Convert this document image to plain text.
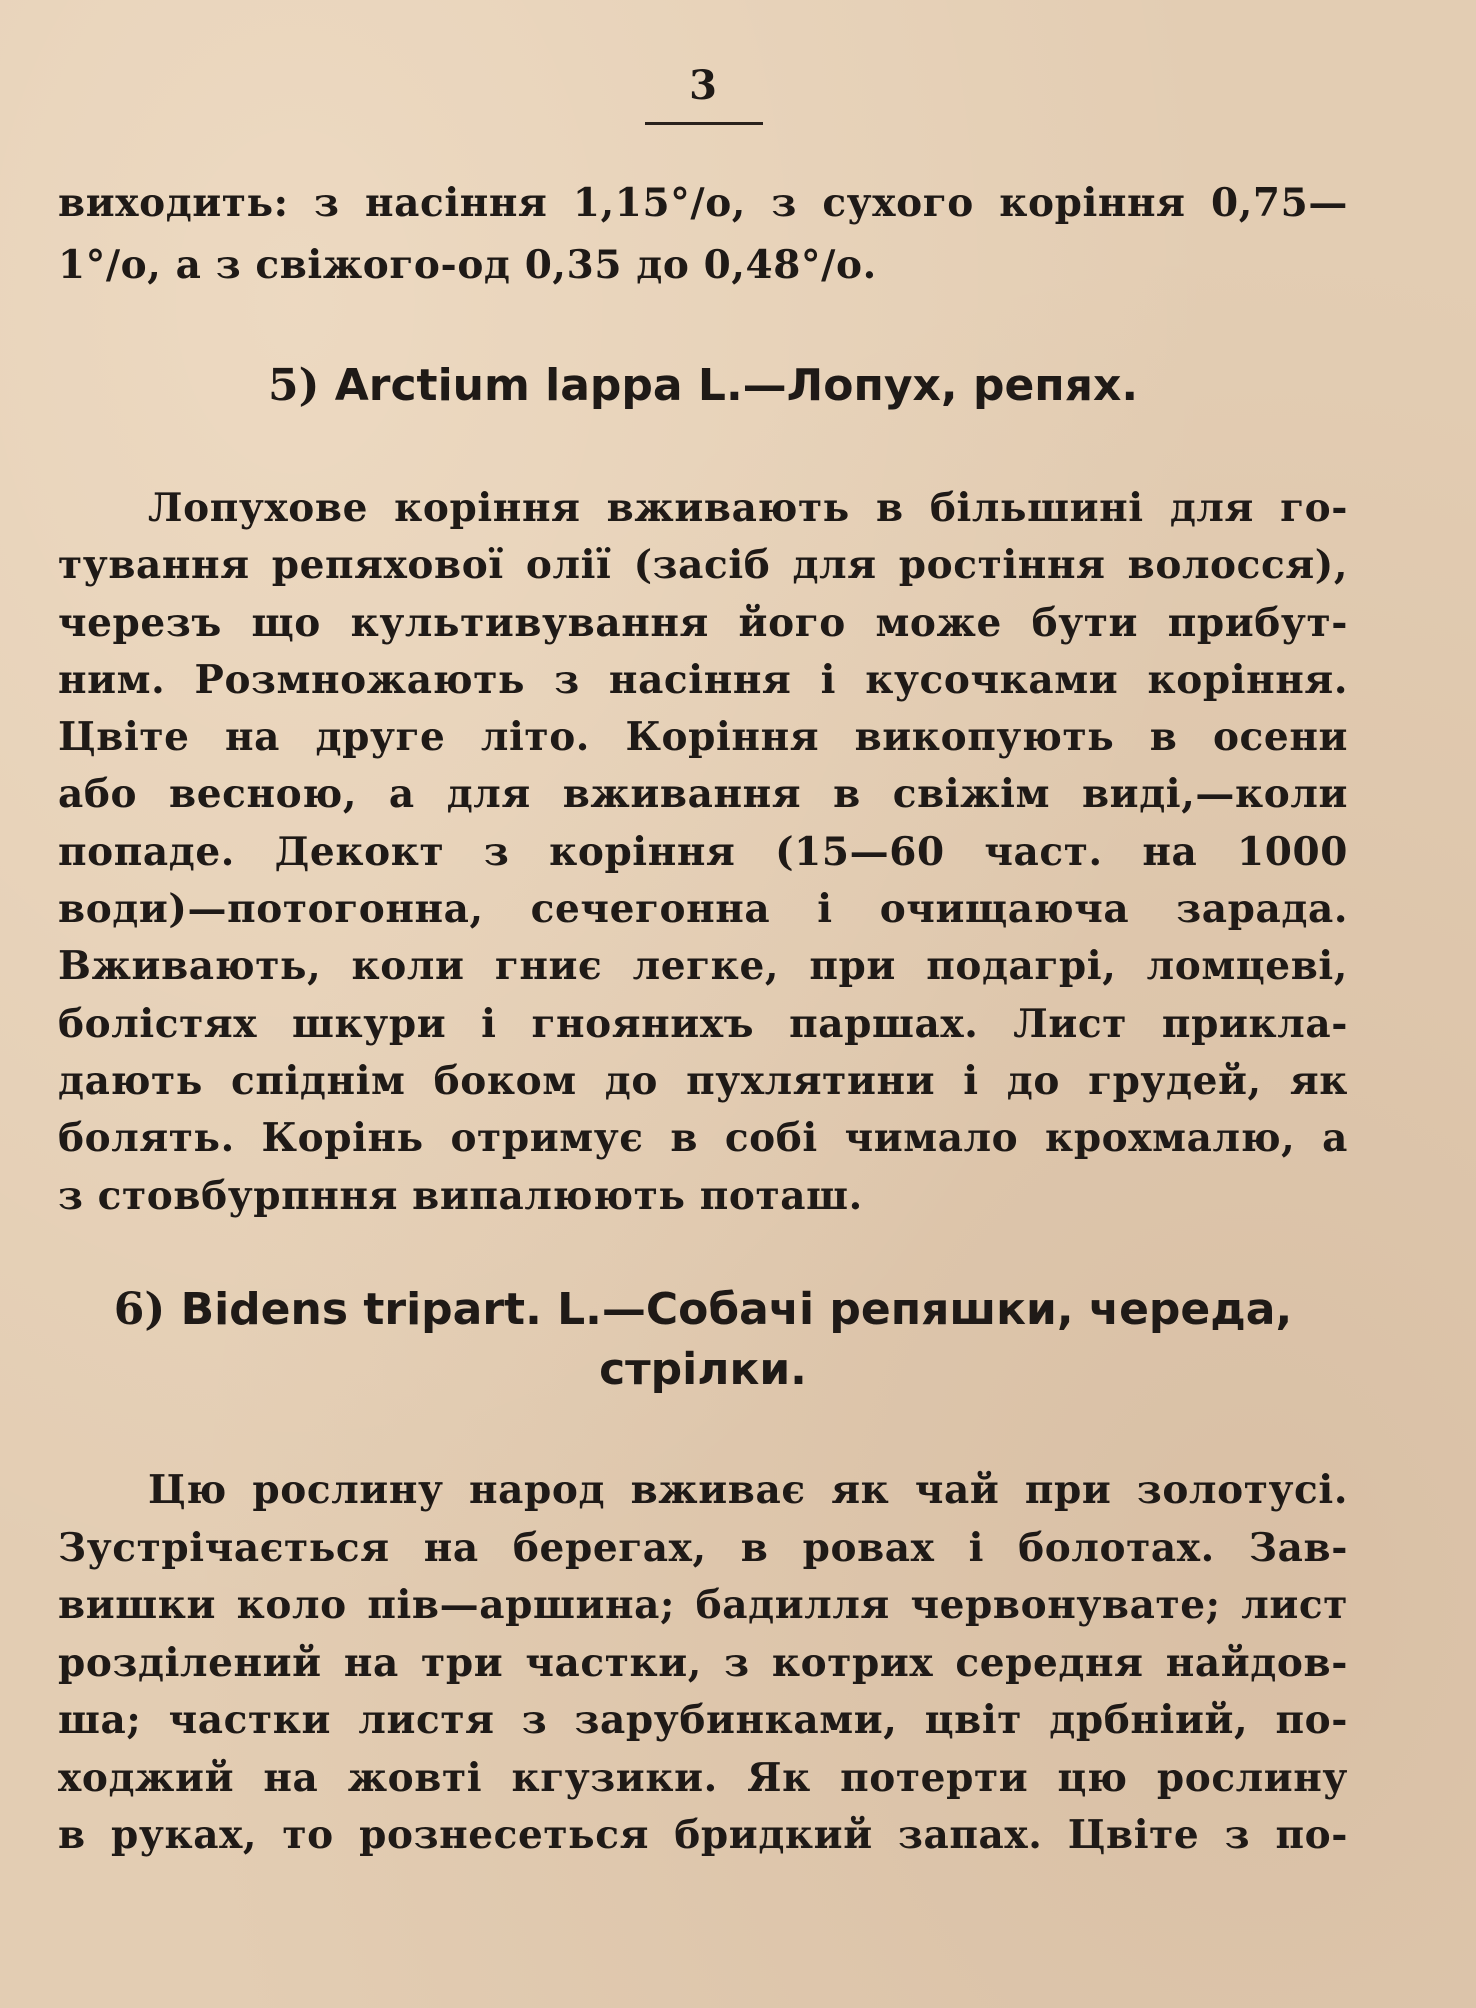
3
виходить: з насіння 1,15°/о, з сухого коріння 0,75—
1°/о, а з свіжого-од 0,35 до 0,48°/о.
5) Arctium lappa L.—Лопух, репях.
Лопухове коріння вживають в більшині для го-
тування репяхової олії (засіб для ростіння волосся),
черезъ що культивування його може бути прибут-
ним. Розмножають з насіння і кусочками коріння.
Цвіте на друге літо. Коріння викопують в осени
або весною, а для вживання в свіжім виді,—коли
попаде. Декокт з коріння (15—60 част. на 1000
води)—потогонна, сечегонна і очищаюча зарада.
Вживають, коли гниє легке, при подагрі, ломцеві,
болістях шкури і гнояниxъ паршах. Лист прикла-
дають спіднім боком до пухлятини і до грудей, як
болять. Корінь отримує в собі чимало крохмалю, а
з стовбурпння випалюють поташ.
6) Bidens tripart. L.—Собачі репяшки, череда,
стрілки.
Цю рослину народ вживає як чай при золотусі.
Зустрічається на берегах, в ровах і болотах. Зав-
вишки коло пів—аршина; бадилля червонувате; лист
розділений на три частки, з котрих середня найдов-
ша; частки листя з зарубинками, цвіт дрбніий, по-
ходжий на жовті кгузики. Як потерти цю рослину
в руках, то рознесеться бридкий запах. Цвіте з по-
